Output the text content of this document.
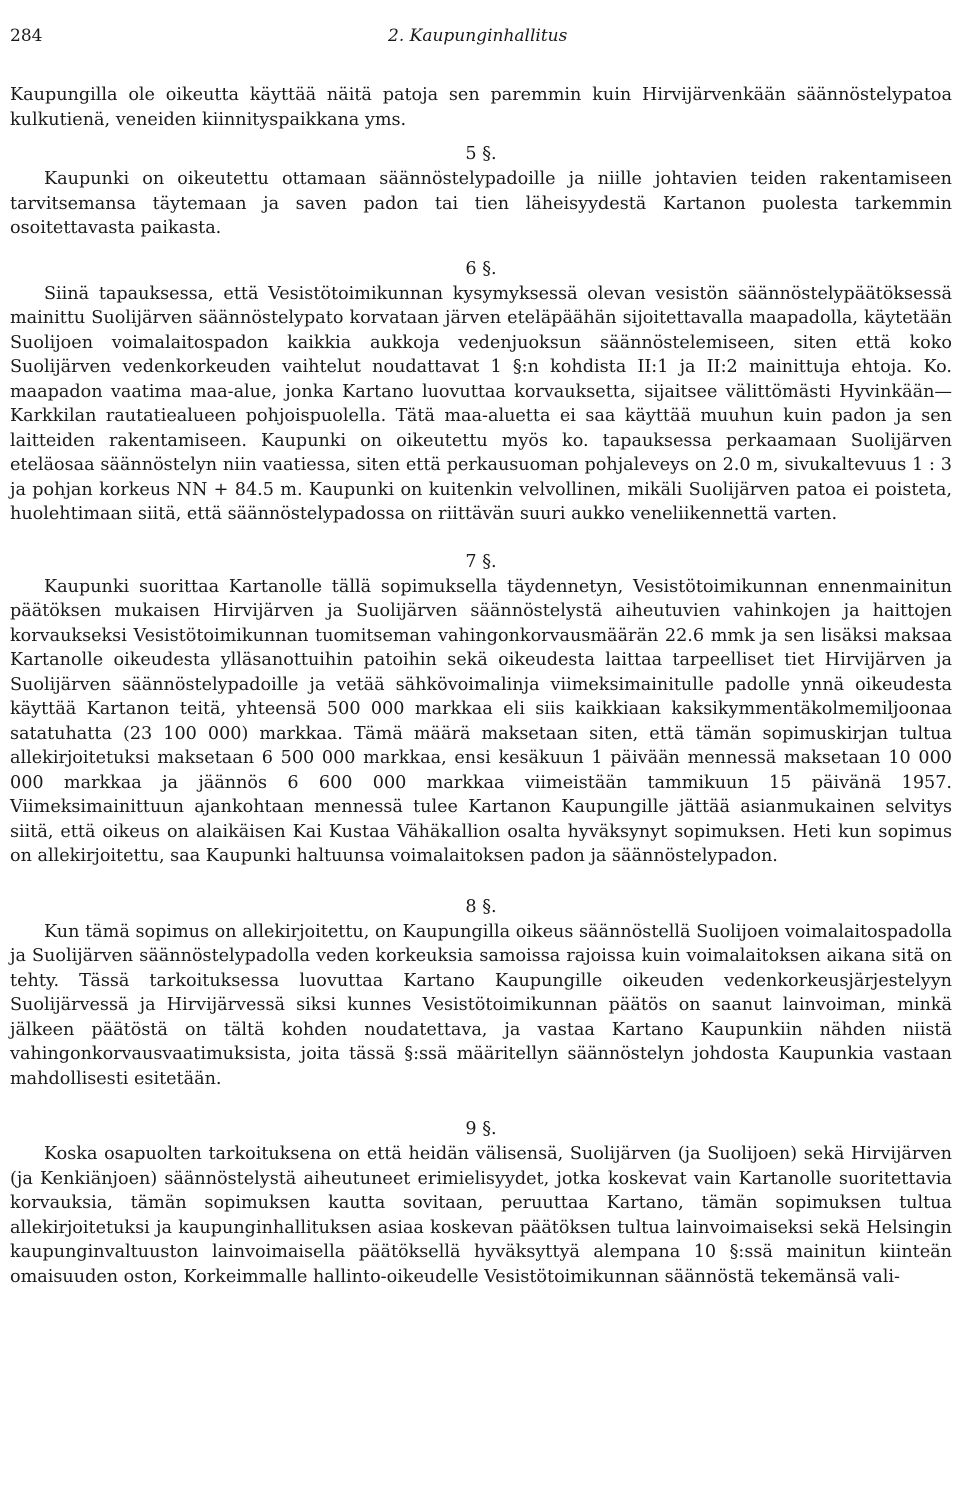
284	2. Kaupunginhallitus

Kaupungilla ole oikeutta käyttää näitä patoja sen paremmin kuin Hirvijärvenkään säännöstelypatoa kulkutienä, veneiden kiinnityspaikkana yms.

5 §.

Kaupunki on oikeutettu ottamaan säännöstelypadoille ja niille johtavien teiden rakentamiseen tarvitsemansa täytemaan ja saven padon tai tien läheisyydestä Kartanon puolesta tarkemmin osoitettavasta paikasta.

6 §.

Siinä tapauksessa, että Vesistötoimikunnan kysymyksessä olevan vesistön säännöstelypäätöksessä mainittu Suolijärven säännöstelypato korvataan järven eteläpäähän sijoitettavalla maapadolla, käytetään Suolijoen voimalaitospadon kaikkia aukkoja vedenjuoksun säännöstelemiseen, siten että koko Suolijärven vedenkorkeuden vaihtelut noudattavat 1 §:n kohdista II:1 ja II:2 mainittuja ehtoja. Ko. maapadon vaatima maa-alue, jonka Kartano luovuttaa korvauksetta, sijaitsee välittömästi Hyvinkään—Karkkilan rautatiealueen pohjoispuolella. Tätä maa-aluetta ei saa käyttää muuhun kuin padon ja sen laitteiden rakentamiseen. Kaupunki on oikeutettu myös ko. tapauksessa perkaamaan Suolijärven eteläosaa säännöstelyn niin vaatiessa, siten että perkausuoman pohjaleveys on 2.0 m, sivukaltevuus 1 : 3 ja pohjan korkeus NN + 84.5 m. Kaupunki on kuitenkin velvollinen, mikäli Suolijärven patoa ei poisteta, huolehtimaan siitä, että säännöstelypadossa on riittävän suuri aukko veneliikennettä varten.

7 §.

Kaupunki suorittaa Kartanolle tällä sopimuksella täydennetyn, Vesistötoimikunnan ennenmainitun päätöksen mukaisen Hirvijärven ja Suolijärven säännöstelystä aiheutuvien vahinkojen ja haittojen korvaukseksi Vesistötoimikunnan tuomitseman vahingonkorvausmäärän 22.6 mmk ja sen lisäksi maksaa Kartanolle oikeudesta ylläsanottuihin patoihin sekä oikeudesta laittaa tarpeelliset tiet Hirvijärven ja Suolijärven säännöstelypadoille ja vetää sähkövoimalinja viimeksimainitulle padolle ynnä oikeudesta käyttää Kartanon teitä, yhteensä 500 000 markkaa eli siis kaikkiaan kaksikymmentäkolmemiljoonaa satatuhatta (23 100 000) markkaa. Tämä määrä maksetaan siten, että tämän sopimuskirjan tultua allekirjoitetuksi maksetaan 6 500 000 markkaa, ensi kesäkuun 1 päivään mennessä maksetaan 10 000 000 markkaa ja jäännös 6 600 000 markkaa viimeistään tammikuun 15 päivänä 1957. Viimeksimainittuun ajankohtaan mennessä tulee Kartanon Kaupungille jättää asianmukainen selvitys siitä, että oikeus on alaikäisen Kai Kustaa Vähäkallion osalta hyväksynyt sopimuksen. Heti kun sopimus on allekirjoitettu, saa Kaupunki haltuunsa voimalaitoksen padon ja säännöstelypadon.

8 §.

Kun tämä sopimus on allekirjoitettu, on Kaupungilla oikeus säännöstellä Suolijoen voimalaitospadolla ja Suolijärven säännöstelypadolla veden korkeuksia samoissa rajoissa kuin voimalaitoksen aikana sitä on tehty. Tässä tarkoituksessa luovuttaa Kartano Kaupungille oikeuden vedenkorkeusjärjestelyyn Suolijärvessä ja Hirvijärvessä siksi kunnes Vesistötoimikunnan päätös on saanut lainvoiman, minkä jälkeen päätöstä on tältä kohden noudatettava, ja vastaa Kartano Kaupunkiin nähden niistä vahingonkorvausvaatimuksista, joita tässä §:ssä määritellyn säännöstelyn johdosta Kaupunkia vastaan mahdollisesti esitetään.

9 §.

Koska osapuolten tarkoituksena on että heidän välisensä, Suolijärven (ja Suolijoen) sekä Hirvijärven (ja Kenkiänjoen) säännöstelystä aiheutuneet erimielisyydet, jotka koskevat vain Kartanolle suoritettavia korvauksia, tämän sopimuksen kautta sovitaan, peruuttaa Kartano, tämän sopimuksen tultua allekirjoitetuksi ja kaupunginhallituksen asiaa koskevan päätöksen tultua lainvoimaiseksi sekä Helsingin kaupunginvaltuuston lainvoimaisella päätöksellä hyväksyttyä alempana 10 §:ssä mainitun kiinteän omaisuuden oston, Korkeimmalle hallinto-oikeudelle Vesistötoimikunnan säännöstä tekemänsä vali-
